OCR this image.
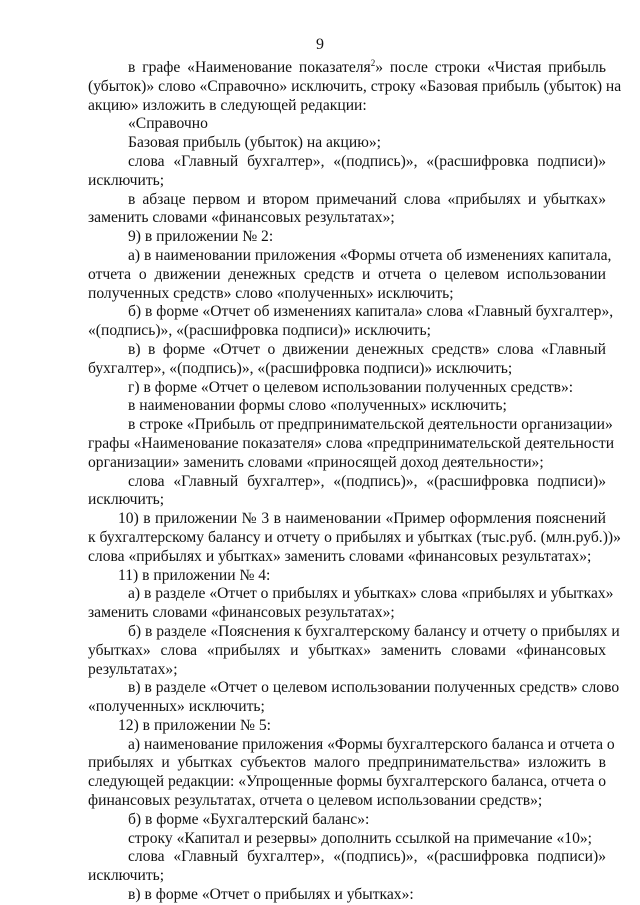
9
в графе «Наименование показателя$^2$» после строки «Чистая прибыль
(убыток)» слово «Справочно» исключить, строку «Базовая прибыль (убыток) на
акцию» изложить в следующей редакции:
«Справочно
Базовая прибыль (убыток) на акцию»;
слова «Главный бухгалтер», «(подпись)», «(расшифровка подписи)»
исключить;
в абзаце первом и втором примечаний слова «прибылях и убытках»
заменить словами «финансовых результатах»;
9) в приложении № 2:
а) в наименовании приложения «Формы отчета об изменениях капитала,
отчета о движении денежных средств и отчета о целевом использовании
полученных средств» слово «полученных» исключить;
б) в форме «Отчет об изменениях капитала» слова «Главный бухгалтер»,
«(подпись)», «(расшифровка подписи)» исключить;
в) в форме «Отчет о движении денежных средств» слова «Главный
бухгалтер», «(подпись)», «(расшифровка подписи)» исключить;
г) в форме «Отчет о целевом использовании полученных средств»:
в наименовании формы слово «полученных» исключить;
в строке «Прибыль от предпринимательской деятельности организации»
графы «Наименование показателя» слова «предпринимательской деятельности
организации» заменить словами «приносящей доход деятельности»;
слова «Главный бухгалтер», «(подпись)», «(расшифровка подписи)»
исключить;
10) в приложении № 3 в наименовании «Пример оформления пояснений
к бухгалтерскому балансу и отчету о прибылях и убытках (тыс.руб. (млн.руб.))»
слова «прибылях и убытках» заменить словами «финансовых результатах»;
11) в приложении № 4:
а) в разделе «Отчет о прибылях и убытках» слова «прибылях и убытках»
заменить словами «финансовых результатах»;
б) в разделе «Пояснения к бухгалтерскому балансу и отчету о прибылях и
убытках» слова «прибылях и убытках» заменить словами «финансовых
результатах»;
в) в разделе «Отчет о целевом использовании полученных средств» слово
«полученных» исключить;
12) в приложении № 5:
а) наименование приложения «Формы бухгалтерского баланса и отчета о
прибылях и убытках субъектов малого предпринимательства» изложить в
следующей редакции: «Упрощенные формы бухгалтерского баланса, отчета о
финансовых результатах, отчета о целевом использовании средств»;
б) в форме «Бухгалтерский баланс»:
строку «Капитал и резервы» дополнить ссылкой на примечание «10»;
слова «Главный бухгалтер», «(подпись)», «(расшифровка подписи)»
исключить;
в) в форме «Отчет о прибылях и убытках»:
